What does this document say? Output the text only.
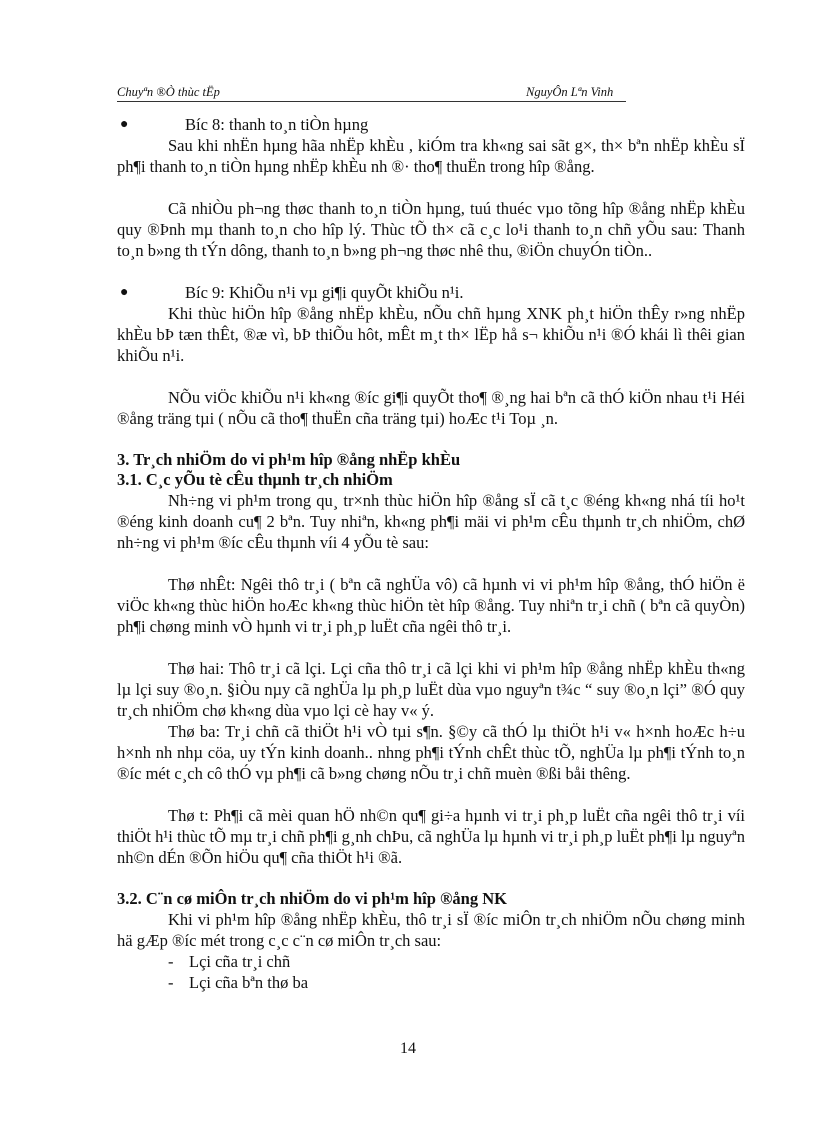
Chuyªn ®Ò thùc tËp	NguyÔn Lªn Vinh

●	Bíc 8: thanh to¸n tiÒn hµng

Sau khi nhËn hµng hãa nhËp khÈu , kiÓm tra kh«ng sai sãt g×, th× bªn nhËp khÈu sÏ ph¶i thanh to¸n tiÒn hµng nhËp khÈu nh ®· tho¶ thuËn trong hîp ®ång.

Cã nhiÒu ph¬ng thøc thanh to¸n tiÒn hµng, tuú thuéc vµo tõng hîp ®ång nhËp khÈu quy ®Þnh mµ thanh to¸n cho hîp lý. Thùc tÕ th× cã c¸c lo¹i thanh to¸n chñ yÕu sau: Thanh to¸n b»ng th tÝn dông, thanh to¸n b»ng ph¬ng thøc nhê thu, ®iÖn chuyÓn tiÒn..

●	Bíc 9: KhiÕu n¹i vµ gi¶i quyÕt khiÕu n¹i.

Khi thùc hiÖn hîp ®ång nhËp khÈu, nÕu chñ hµng XNK ph¸t hiÖn thÊy r»ng nhËp khÈu bÞ tæn thÊt, ®æ vì, bÞ thiÕu hôt, mÊt m¸t th× lËp hå s¬ khiÕu n¹i ®Ó khái lì thêi gian khiÕu n¹i.

NÕu viÖc khiÕu n¹i kh«ng ®íc gi¶i quyÕt tho¶ ®¸ng hai bªn cã thÓ kiÖn nhau t¹i Héi ®ång träng tµi ( nÕu cã tho¶ thuËn cña träng tµi) hoÆc t¹i Toµ ¸n.

3. Tr¸ch nhiÖm do vi ph¹m hîp ®ång nhËp khÈu

3.1. C¸c yÕu tè cÊu thµnh tr¸ch nhiÖm

Nh÷ng vi ph¹m trong qu¸ tr×nh thùc hiÖn hîp ®ång sÏ cã t¸c ®éng kh«ng nhá tíi ho¹t ®éng kinh doanh cu¶ 2 bªn. Tuy nhiªn, kh«ng ph¶i mäi vi ph¹m cÊu thµnh tr¸ch nhiÖm, chØ nh÷ng vi ph¹m ®íc cÊu thµnh víi 4 yÕu tè sau:

Thø nhÊt: Ngêi thô tr¸i ( bªn cã nghÜa vô) cã hµnh vi vi ph¹m hîp ®ång, thÓ hiÖn ë viÖc kh«ng thùc hiÖn hoÆc kh«ng thùc hiÖn tèt hîp ®ång. Tuy nhiªn tr¸i chñ ( bªn cã quyÒn) ph¶i chøng minh vÒ hµnh vi tr¸i ph¸p luËt cña ngêi thô tr¸i.

Thø hai: Thô tr¸i cã lçi. Lçi cña thô tr¸i cã lçi khi vi ph¹m hîp ®ång nhËp khÈu th«ng lµ lçi suy ®o¸n. §iÒu nµy cã nghÜa lµ ph¸p luËt dùa vµo nguyªn t¾c “ suy ®o¸n lçi” ®Ó quy tr¸ch nhiÖm chø kh«ng dùa vµo lçi cè hay v« ý.

Thø ba: Tr¸i chñ cã thiÖt h¹i vÒ tµi s¶n. §©y cã thÓ lµ thiÖt h¹i v« h×nh hoÆc h÷u h×nh nh nhµ cöa, uy tÝn kinh doanh.. nhng ph¶i tÝnh chÊt thùc tÕ, nghÜa lµ ph¶i tÝnh to¸n ®íc mét c¸ch cô thÓ vµ ph¶i cã b»ng chøng nÕu tr¸i chñ muèn ®ßi båi thêng.

Thø t: Ph¶i cã mèi quan hÖ nh©n qu¶ gi÷a hµnh vi tr¸i ph¸p luËt cña ngêi thô tr¸i víi thiÖt h¹i thùc tÕ mµ tr¸i chñ ph¶i g¸nh chÞu, cã nghÜa lµ hµnh vi tr¸i ph¸p luËt ph¶i lµ nguyªn nh©n dÉn ®Õn hiÖu qu¶ cña thiÖt h¹i ®ã.

3.2. C¨n cø miÔn tr¸ch nhiÖm do vi ph¹m hîp ®ång NK

Khi vi ph¹m hîp ®ång nhËp khÈu, thô tr¸i sÏ ®íc miÔn tr¸ch nhiÖm nÕu chøng minh hä gÆp ®íc mét trong c¸c c¨n cø miÔn tr¸ch sau:

- Lçi cña tr¸i chñ

- Lçi cña bªn thø ba

14
